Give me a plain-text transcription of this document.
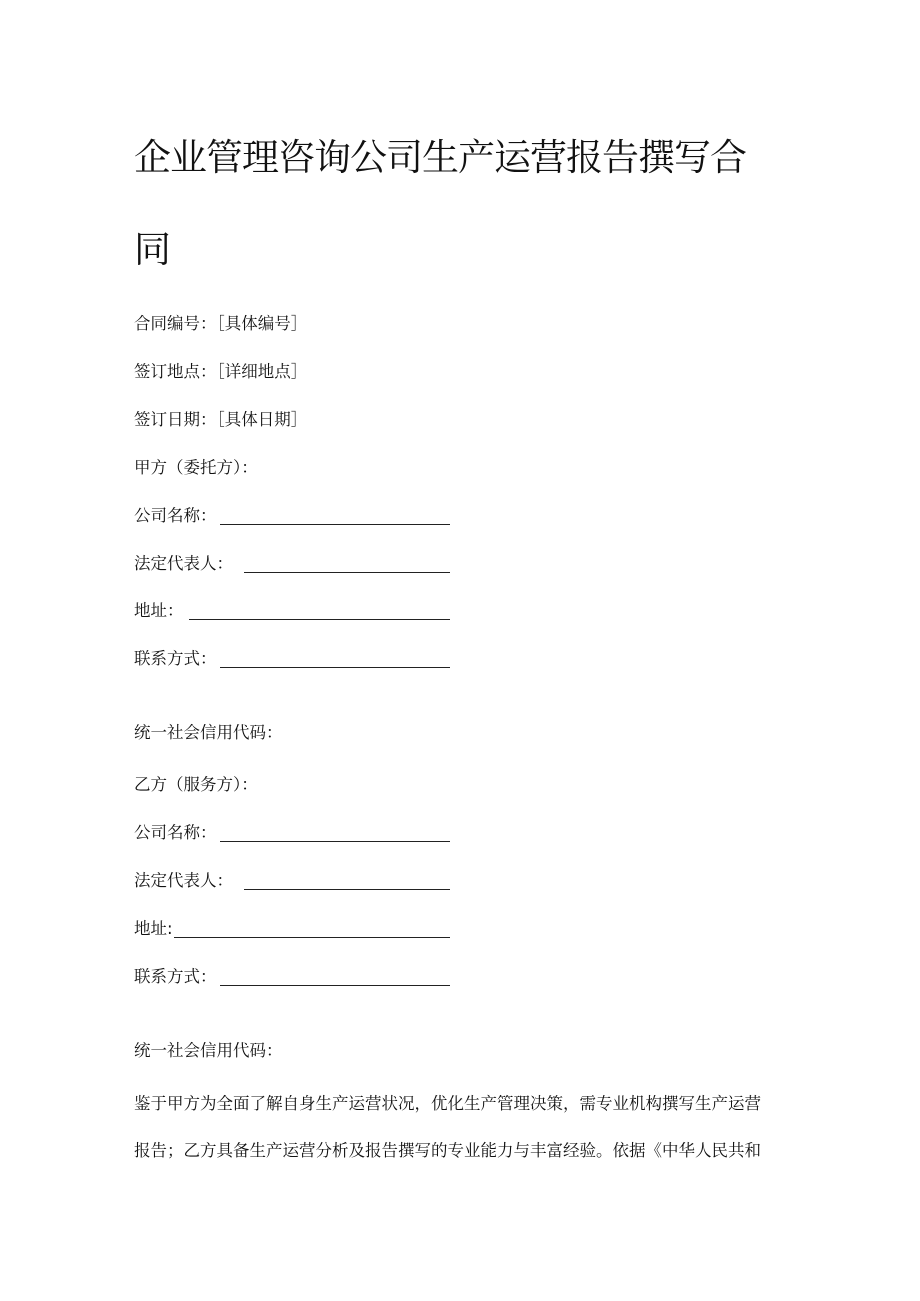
企业管理咨询公司生产运营报告撰写合
同
合同编号：［具体编号］
签订地点：［详细地点］
签订日期：［具体日期］
甲方（委托方）：
公司名称：
法定代表人：
地址：
联系方式：
统一社会信用代码：
乙方（服务方）：
公司名称：
法定代表人：
地址:
联系方式：
统一社会信用代码：
鉴于甲方为全面了解自身生产运营状况，优化生产管理决策，需专业机构撰写生产运营
报告；乙方具备生产运营分析及报告撰写的专业能力与丰富经验。依据《中华人民共和
